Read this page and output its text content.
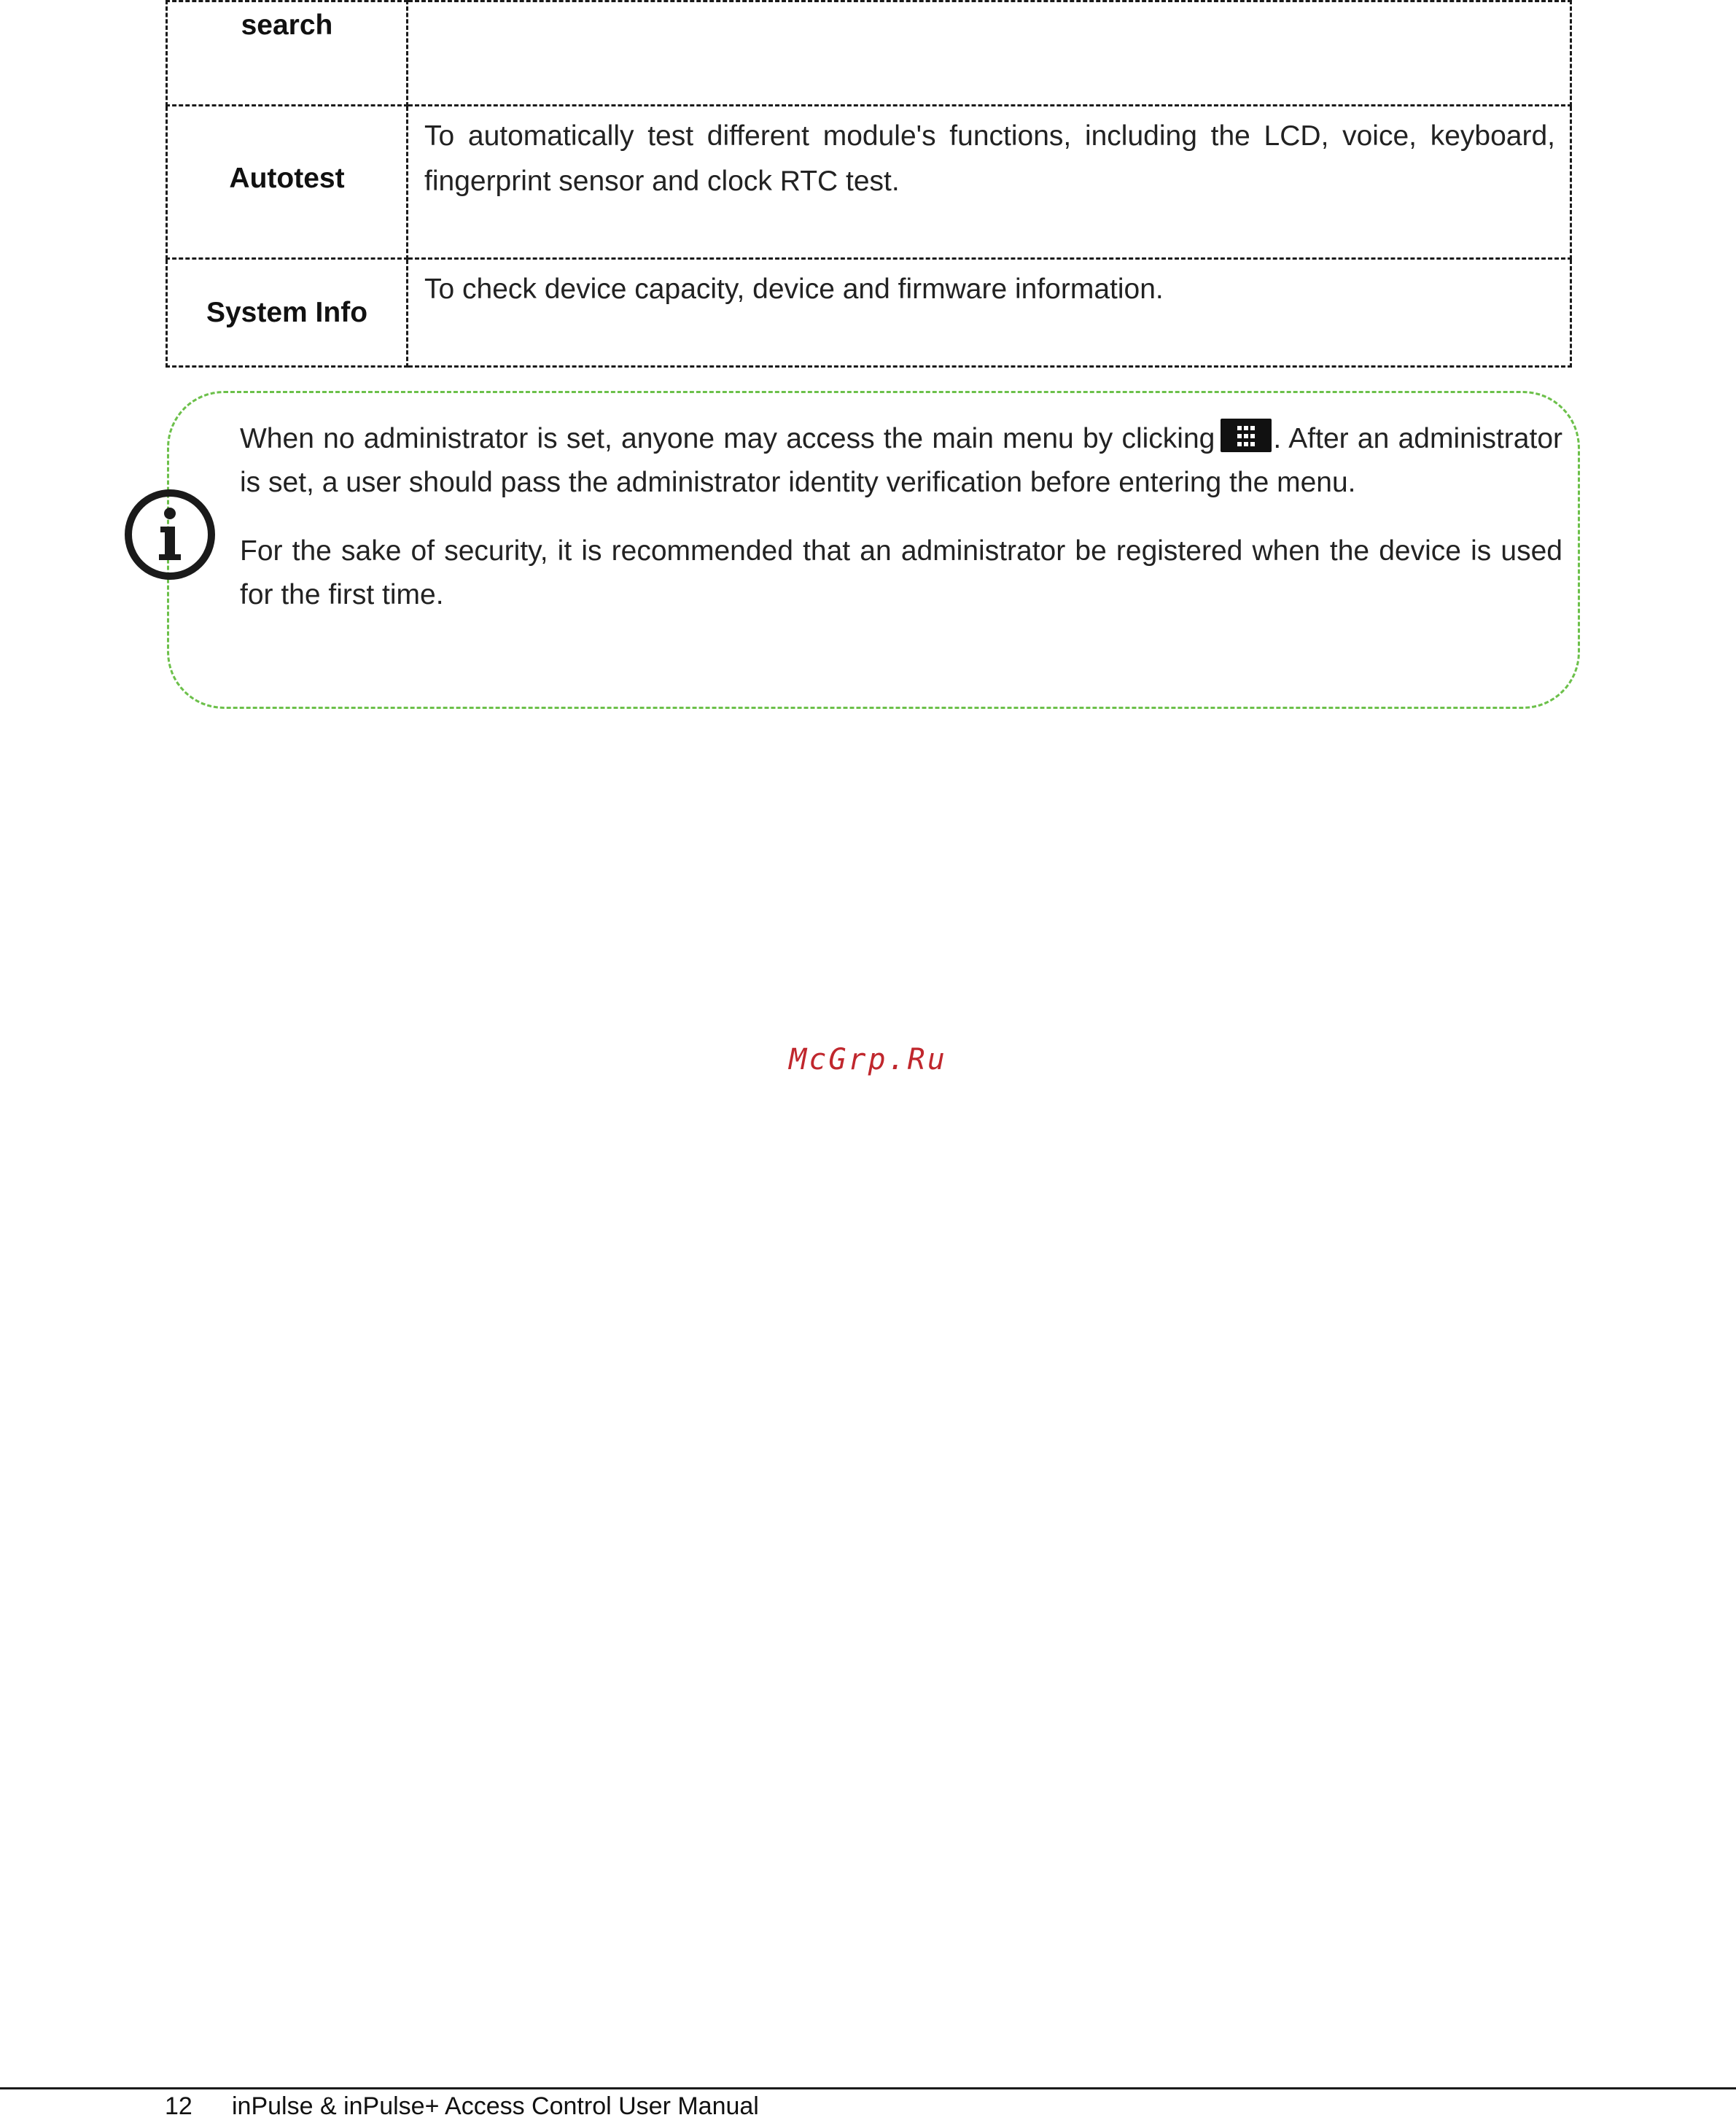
search	
Autotest	To automatically test different module's functions, including the LCD, voice, keyboard, fingerprint sensor and clock RTC test.
System Info	To check device capacity, device and firmware information.

When no administrator is set, anyone may access the main menu by clicking . After an administrator is set, a user should pass the administrator identity verification before entering the menu.

For the sake of security, it is recommended that an administrator be registered when the device is used for the first time.

McGrp.Ru
12 inPulse & inPulse+ Access Control User Manual
